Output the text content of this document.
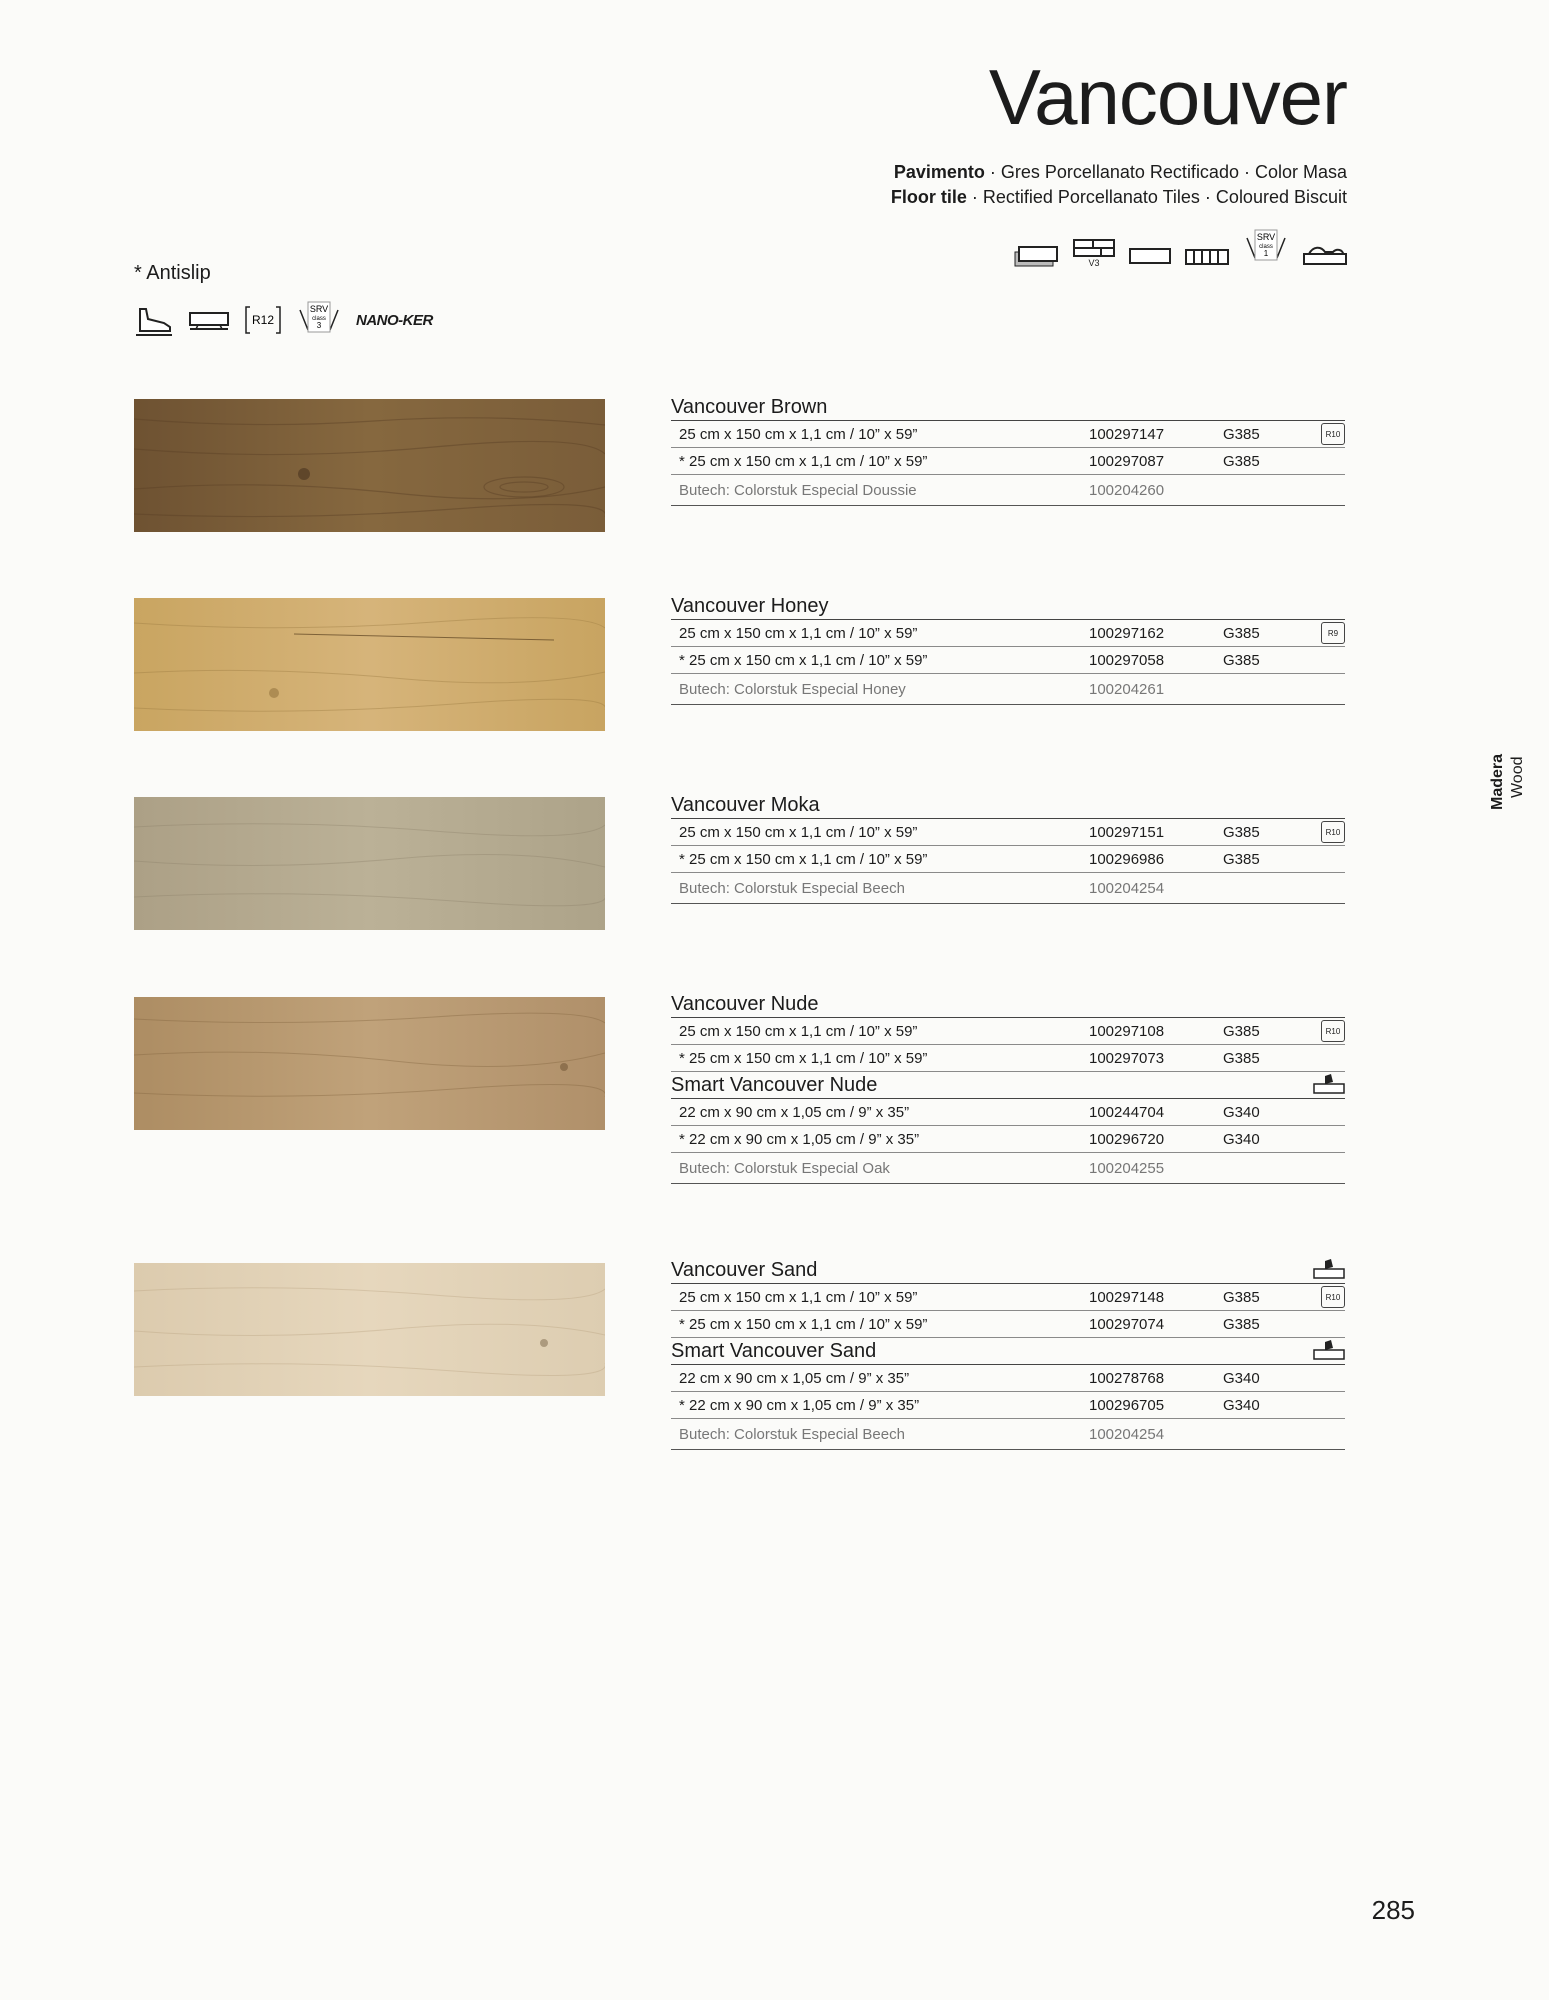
Vancouver
Pavimento · Gres Porcellanato Rectificado · Color Masa
Floor tile · Rectified Porcellanato Tiles · Coloured Biscuit
V3
SRV
class
1
* Antislip
R12
SRV
class
3 NANO-KER
Vancouver Brown
25 cm x 150 cm x 1,1 cm / 10” x 59”	100297147	G385	R10
* 25 cm x 150 cm x 1,1 cm / 10” x 59”	100297087	G385
Butech: Colorstuk Especial Doussie	100204260
Vancouver Honey
25 cm x 150 cm x 1,1 cm / 10” x 59”	100297162	G385	R9
* 25 cm x 150 cm x 1,1 cm / 10” x 59”	100297058	G385
Butech: Colorstuk Especial Honey	100204261
Vancouver Moka
25 cm x 150 cm x 1,1 cm / 10” x 59”	100297151	G385	R10
* 25 cm x 150 cm x 1,1 cm / 10” x 59”	100296986	G385
Butech: Colorstuk Especial Beech	100204254
Vancouver Nude
25 cm x 150 cm x 1,1 cm / 10” x 59”	100297108	G385	R10
* 25 cm x 150 cm x 1,1 cm / 10” x 59”	100297073	G385
Smart Vancouver Nude
22 cm x 90 cm x 1,05 cm / 9” x 35”	100244704	G340
* 22 cm x 90 cm x 1,05 cm / 9” x 35”	100296720	G340
Butech: Colorstuk Especial Oak	100204255
Vancouver Sand
25 cm x 150 cm x 1,1 cm / 10” x 59”	100297148	G385	R10
* 25 cm x 150 cm x 1,1 cm / 10” x 59”	100297074	G385
Smart Vancouver Sand
22 cm x 90 cm x 1,05 cm / 9” x 35”	100278768	G340
* 22 cm x 90 cm x 1,05 cm / 9” x 35”	100296705	G340
Butech: Colorstuk Especial Beech	100204254
Madera Wood
285
